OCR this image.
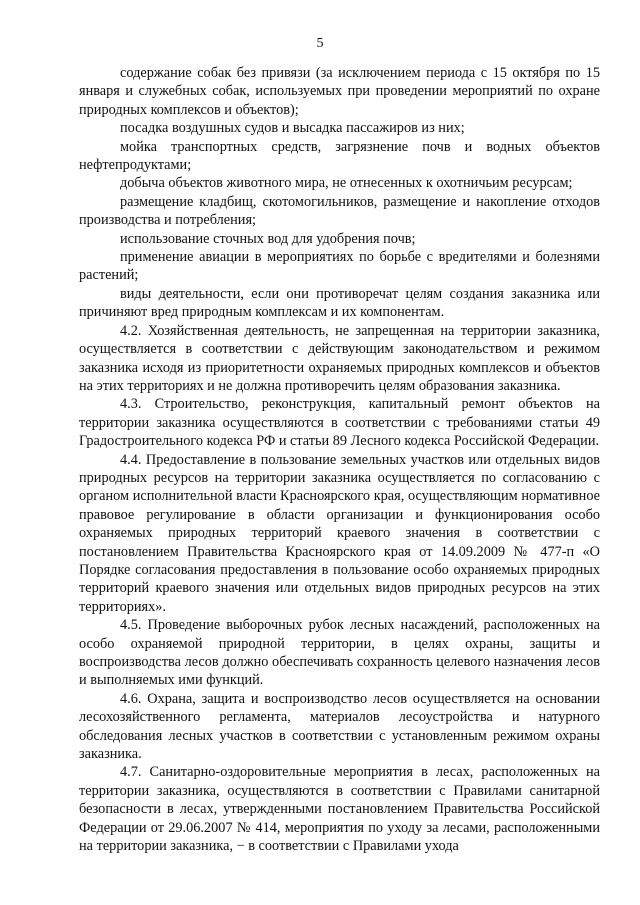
5

содержание собак без привязи (за исключением периода с 15 октября по 15 января и служебных собак, используемых при проведении мероприятий по охране природных комплексов и объектов);

посадка воздушных судов и высадка пассажиров из них;

мойка транспортных средств, загрязнение почв и водных объектов нефтепродуктами;

добыча объектов животного мира, не отнесенных к охотничьим ресурсам;

размещение кладбищ, скотомогильников, размещение и накопление отходов производства и потребления;

использование сточных вод для удобрения почв;

применение авиации в мероприятиях по борьбе с вредителями и болезнями растений;

виды деятельности, если они противоречат целям создания заказника или причиняют вред природным комплексам и их компонентам.

4.2. Хозяйственная деятельность, не запрещенная на территории заказника, осуществляется в соответствии с действующим законодательством и режимом заказника исходя из приоритетности охраняемых природных комплексов и объектов на этих территориях и не должна противоречить целям образования заказника.

4.3. Строительство, реконструкция, капитальный ремонт объектов на территории заказника осуществляются в соответствии с требованиями статьи 49 Градостроительного кодекса РФ и статьи 89 Лесного кодекса Российской Федерации.

4.4. Предоставление в пользование земельных участков или отдельных видов природных ресурсов на территории заказника осуществляется по согласованию с органом исполнительной власти Красноярского края, осуществляющим нормативное правовое регулирование в области организации и функционирования особо охраняемых природных территорий краевого значения в соответствии с постановлением Правительства Красноярского края от 14.09.2009 № 477-п «О Порядке согласования предоставления в пользование особо охраняемых природных территорий краевого значения или отдельных видов природных ресурсов на этих территориях».

4.5. Проведение выборочных рубок лесных насаждений, расположенных на особо охраняемой природной территории, в целях охраны, защиты и воспроизводства лесов должно обеспечивать сохранность целевого назначения лесов и выполняемых ими функций.

4.6. Охрана, защита и воспроизводство лесов осуществляется на основании лесохозяйственного регламента, материалов лесоустройства и натурного обследования лесных участков в соответствии с установленным режимом охраны заказника.

4.7. Санитарно-оздоровительные мероприятия в лесах, расположенных на территории заказника, осуществляются в соответствии с Правилами санитарной безопасности в лесах, утвержденными постановлением Правительства Российской Федерации от 29.06.2007 № 414, мероприятия по уходу за лесами, расположенными на территории заказника, − в соответствии с Правилами ухода
